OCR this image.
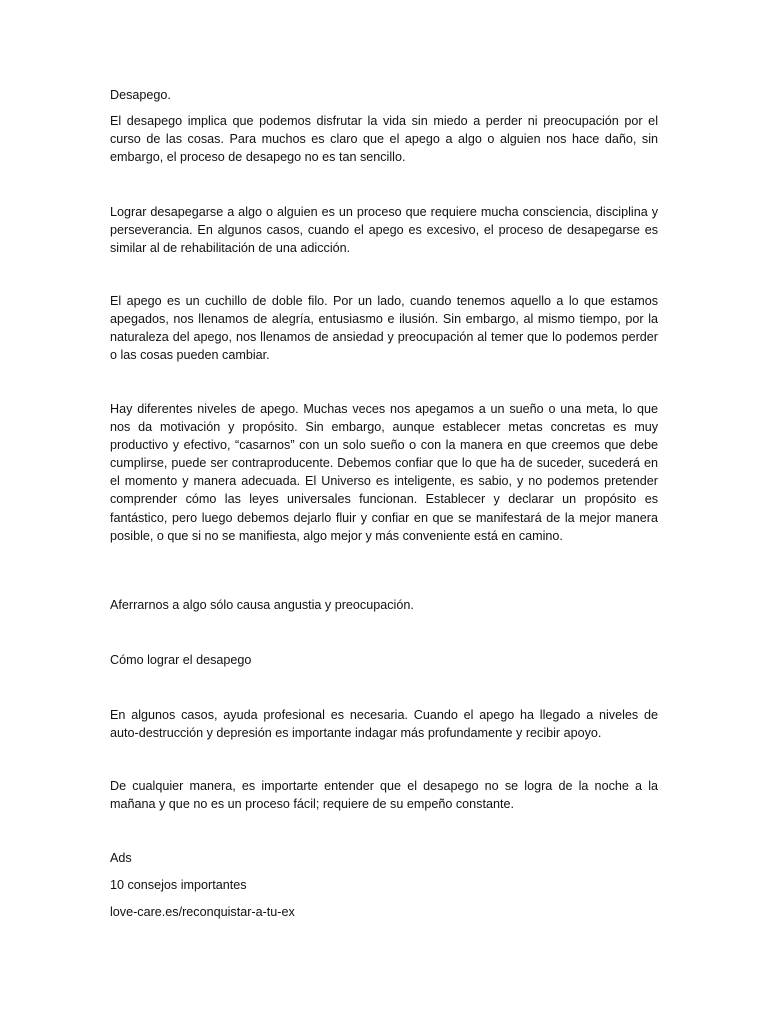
Desapego.
El desapego implica que podemos disfrutar la vida sin miedo a perder ni preocupación por el curso de las cosas. Para muchos es claro que el apego a algo o alguien nos hace daño, sin embargo, el proceso de desapego no es tan sencillo.
Lograr desapegarse a algo o alguien es un proceso que requiere mucha consciencia, disciplina y perseverancia. En algunos casos, cuando el apego es excesivo, el proceso de desapegarse es similar al de rehabilitación de una adicción.
El apego es un cuchillo de doble filo. Por un lado, cuando tenemos aquello a lo que estamos apegados, nos llenamos de alegría, entusiasmo e ilusión. Sin embargo, al mismo tiempo, por la naturaleza del apego, nos llenamos de ansiedad y preocupación al temer que lo podemos perder o las cosas pueden cambiar.
Hay diferentes niveles de apego. Muchas veces nos apegamos a un sueño o una meta, lo que nos da motivación y propósito. Sin embargo, aunque establecer metas concretas es muy productivo y efectivo, “casarnos” con un solo sueño o con la manera en que creemos que debe cumplirse, puede ser contraproducente. Debemos confiar que lo que ha de suceder, sucederá en el momento y manera adecuada. El Universo es inteligente, es sabio, y no podemos pretender comprender cómo las leyes universales funcionan. Establecer y declarar un propósito es fantástico, pero luego debemos dejarlo fluir y confiar en que se manifestará de la mejor manera posible, o que si no se manifiesta, algo mejor y más conveniente está en camino.
Aferrarnos a algo sólo causa angustia y preocupación.
Cómo lograr el desapego
En algunos casos, ayuda profesional es necesaria. Cuando el apego ha llegado a niveles de auto-destrucción y depresión es importante indagar más profundamente y recibir apoyo.
De cualquier manera, es importarte entender que el desapego no se logra de la noche a la mañana y que no es un proceso fácil; requiere de su empeño constante.
Ads
10 consejos importantes
love-care.es/reconquistar-a-tu-ex
